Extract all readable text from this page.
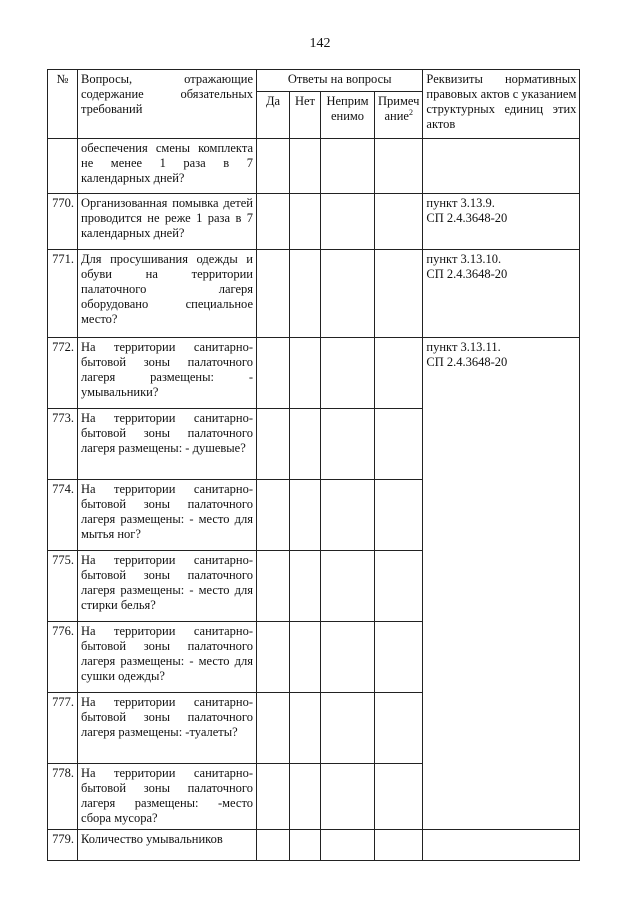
142
№	Вопросы, отражающие содержание обязательных требований	Ответы на вопросы				Реквизиты нормативных правовых актов с указанием структурных единиц этих актов
		Да	Нет	Неприм енимо	Примеч ание$^2$
	обеспечения смены комплекта не менее 1 раза в 7 календарных дней?					
770.	Организованная помывка детей проводится не реже 1 раза в 7 календарных дней?					пункт 3.13.9.
СП 2.4.3648-20

771.	Для просушивания одежды и обуви на территории палаточного лагеря оборудовано специальное место?					пункт 3.13.10.
СП 2.4.3648-20

772.	На территории санитарно-бытовой зоны палаточного лагеря размещены: - умывальники?					пункт 3.13.11.
СП 2.4.3648-20

773.	На территории санитарно-бытовой зоны палаточного лагеря размещены: - душевые?					
774.	На территории санитарно-бытовой зоны палаточного лагеря размещены: - место для мытья ног?					
775.	На территории санитарно-бытовой зоны палаточного лагеря размещены: - место для стирки белья?					
776.	На территории санитарно-бытовой зоны палаточного лагеря размещены: - место для сушки одежды?					
777.	На территории санитарно-бытовой зоны палаточного лагеря размещены: -туалеты?					
778.	На территории санитарно-бытовой зоны палаточного лагеря размещены: -место сбора мусора?					
779.	Количество умывальников					
